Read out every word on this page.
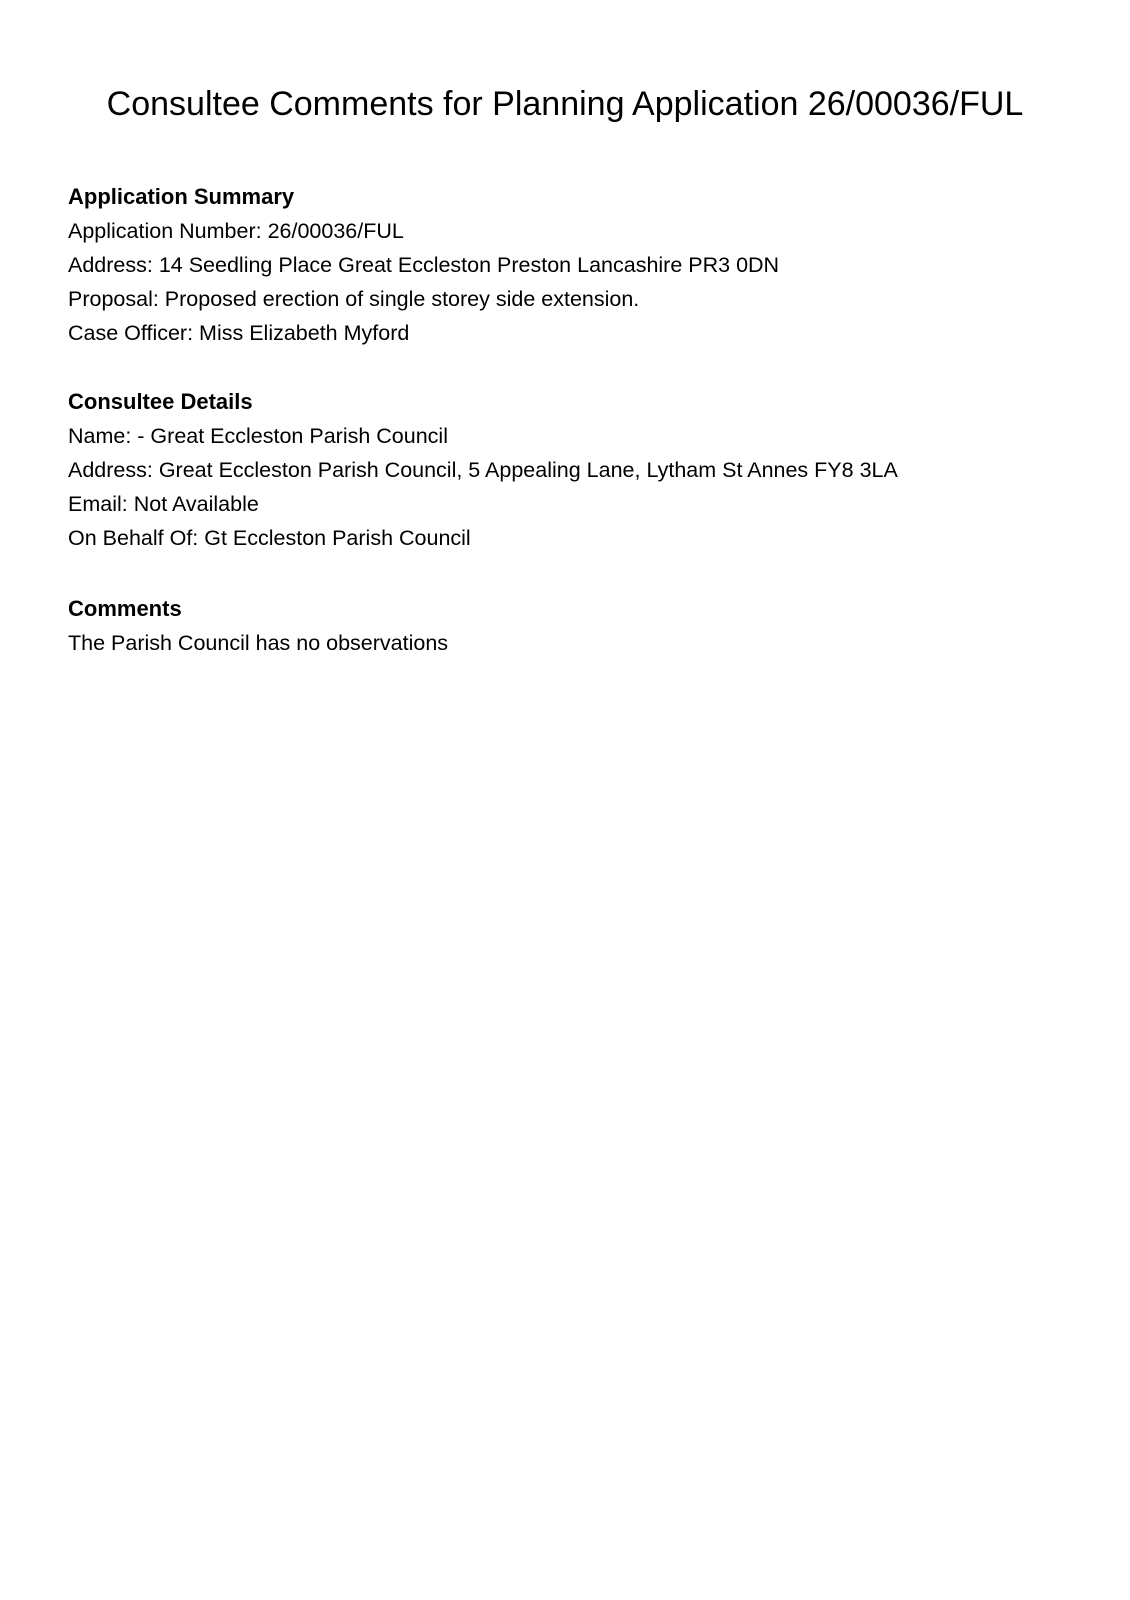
Consultee Comments for Planning Application 26/00036/FUL

Application Summary

Application Number: 26/00036/FUL

Address: 14 Seedling Place Great Eccleston Preston Lancashire PR3 0DN

Proposal: Proposed erection of single storey side extension.

Case Officer: Miss Elizabeth Myford

Consultee Details

Name: - Great Eccleston Parish Council

Address: Great Eccleston Parish Council, 5 Appealing Lane, Lytham St Annes FY8 3LA

Email: Not Available

On Behalf Of: Gt Eccleston Parish Council

Comments

The Parish Council has no observations
